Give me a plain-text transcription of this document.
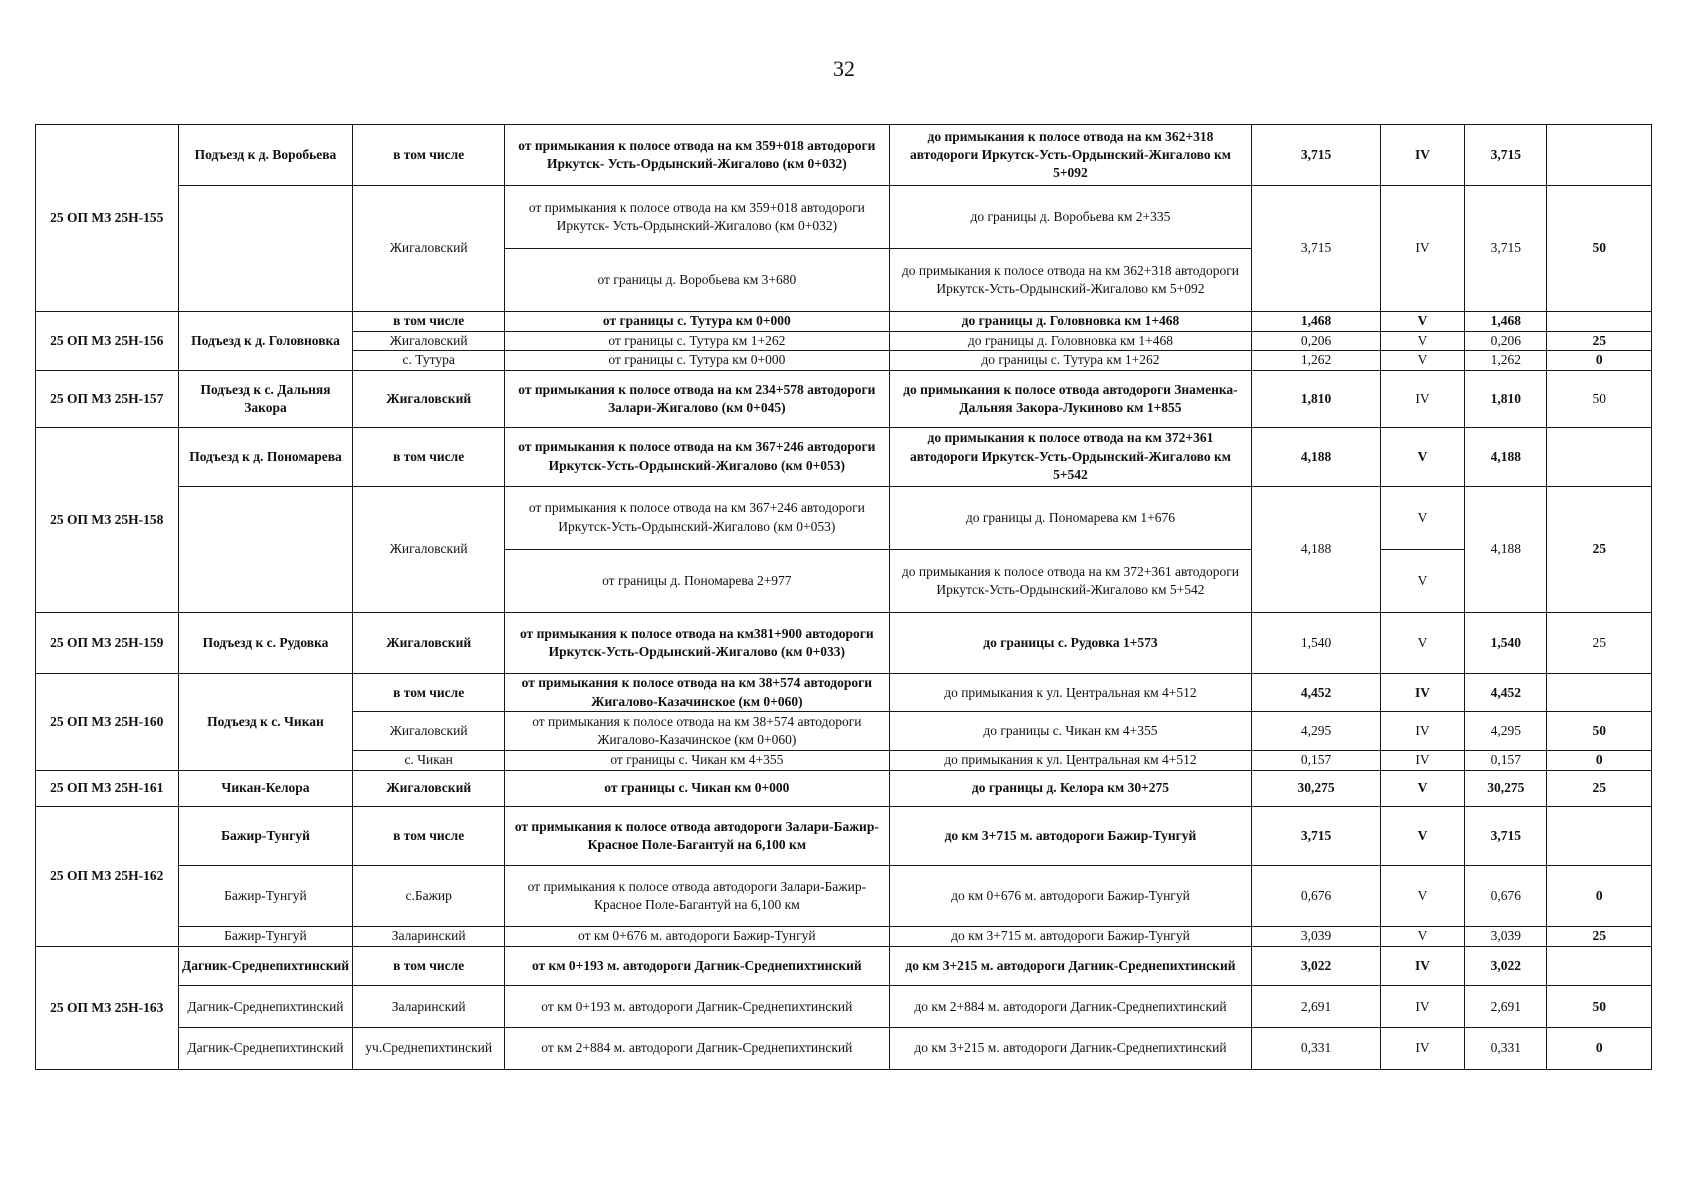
32
25 ОП МЗ 25Н-155	Подъезд к д. Воробьева	в том числе	от примыкания к полосе отвода на км 359+018 автодороги Иркутск- Усть-Ордынский-Жигалово (км 0+032)	до примыкания к полосе отвода на км 362+318 автодороги Иркутск-Усть-Ордынский-Жигалово км 5+092	3,715	IV	3,715	
		Жигаловский	от примыкания к полосе отвода на км 359+018 автодороги Иркутск- Усть-Ордынский-Жигалово (км 0+032)	до границы д. Воробьева км 2+335	3,715	IV	3,715	50
			от границы д. Воробьева км 3+680	до примыкания к полосе отвода на км 362+318 автодороги Иркутск-Усть-Ордынский-Жигалово км 5+092				
25 ОП МЗ 25Н-156	Подъезд к д. Головновка	в том числе	от границы с. Тутура км 0+000	до границы д. Головновка км 1+468	1,468	V	1,468	
		Жигаловский	от границы с. Тутура км 1+262	до границы д. Головновка км 1+468	0,206	V	0,206	25
		с. Тутура	от границы с. Тутура км 0+000	до границы с. Тутура км 1+262	1,262	V	1,262	0
25 ОП МЗ 25Н-157	Подъезд к с. Дальняя Закора	Жигаловский	от примыкания к полосе отвода на км 234+578 автодороги Залари-Жигалово (км 0+045)	до примыкания к полосе отвода автодороги Знаменка-Дальняя Закора-Лукиново км 1+855	1,810	IV	1,810	50
25 ОП МЗ 25Н-158	Подъезд к д. Пономарева	в том числе	от примыкания к полосе отвода на км 367+246 автодороги Иркутск-Усть-Ордынский-Жигалово (км 0+053)	до примыкания к полосе отвода на км 372+361 автодороги Иркутск-Усть-Ордынский-Жигалово км 5+542	4,188	V	4,188	
		Жигаловский	от примыкания к полосе отвода на км 367+246 автодороги Иркутск-Усть-Ордынский-Жигалово (км 0+053)	до границы д. Пономарева км 1+676	4,188	V	4,188	25
			от границы д. Пономарева 2+977	до примыкания к полосе отвода на км 372+361 автодороги Иркутск-Усть-Ордынский-Жигалово км 5+542		V		
25 ОП МЗ 25Н-159	Подъезд к с. Рудовка	Жигаловский	от примыкания к полосе отвода на км381+900 автодороги Иркутск-Усть-Ордынский-Жигалово (км 0+033)	до границы с. Рудовка 1+573	1,540	V	1,540	25
25 ОП МЗ 25Н-160	Подъезд к с. Чикан	в том числе	от примыкания к полосе отвода на км 38+574 автодороги Жигалово-Казачинское (км 0+060)	до примыкания к ул. Центральная км 4+512	4,452	IV	4,452	
		Жигаловский	от примыкания к полосе отвода на км 38+574 автодороги Жигалово-Казачинское (км 0+060)	до границы с. Чикан км 4+355	4,295	IV	4,295	50
		с. Чикан	от границы с. Чикан км 4+355	до примыкания к ул. Центральная км 4+512	0,157	IV	0,157	0
25 ОП МЗ 25Н-161	Чикан-Келора	Жигаловский	от границы с. Чикан км 0+000	до границы д. Келора км 30+275	30,275	V	30,275	25
25 ОП МЗ 25Н-162	Бажир-Тунгуй	в том числе	от примыкания к полосе отвода автодороги Залари-Бажир-Красное Поле-Багантуй на 6,100 км	до км 3+715 м. автодороги Бажир-Тунгуй	3,715	V	3,715	
	Бажир-Тунгуй	с.Бажир	от примыкания к полосе отвода автодороги Залари-Бажир-Красное Поле-Багантуй на 6,100 км	до км 0+676 м. автодороги Бажир-Тунгуй	0,676	V	0,676	0
	Бажир-Тунгуй	Заларинский	от км 0+676 м. автодороги Бажир-Тунгуй	до км 3+715 м. автодороги Бажир-Тунгуй	3,039	V	3,039	25
25 ОП МЗ 25Н-163	Дагник-Среднепихтинский	в том числе	от км 0+193 м. автодороги Дагник-Среднепихтинский	до км 3+215 м. автодороги Дагник-Среднепихтинский	3,022	IV	3,022	
	Дагник-Среднепихтинский	Заларинский	от км 0+193 м. автодороги Дагник-Среднепихтинский	до км 2+884 м. автодороги Дагник-Среднепихтинский	2,691	IV	2,691	50
	Дагник-Среднепихтинский	уч.Среднепихтинский	от км 2+884 м. автодороги Дагник-Среднепихтинский	до км 3+215 м. автодороги Дагник-Среднепихтинский	0,331	IV	0,331	0
